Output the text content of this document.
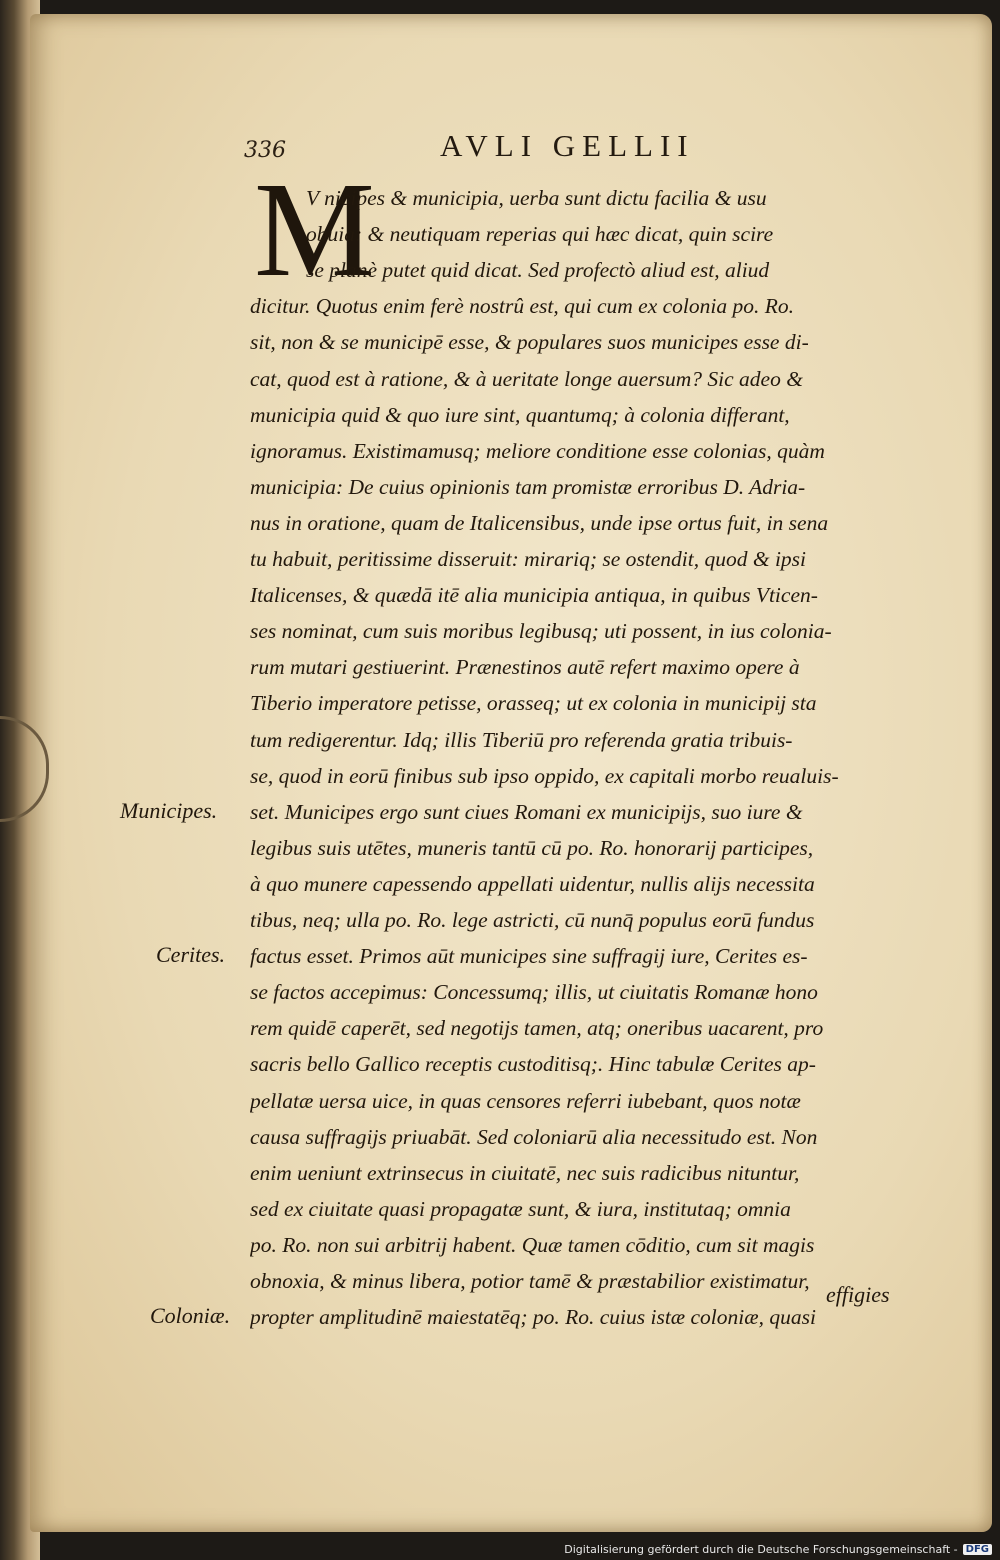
336	AVLI GELLII
M
V nicipes & municipia, uerba sunt dictu facilia & usu
obuia: & neutiquam reperias qui hæc dicat, quin scire
se planè putet quid dicat. Sed profectò aliud est, aliud
dicitur. Quotus enim ferè nostrû est, qui cum ex colonia po. Ro.
sit, non & se municipē esse, & populares suos municipes esse di-
cat, quod est à ratione, & à ueritate longe auersum? Sic adeo &
municipia quid & quo iure sint, quantumq; à colonia differant,
ignoramus. Existimamusq; meliore conditione esse colonias, quàm
municipia: De cuius opinionis tam promistæ erroribus D. Adria-
nus in oratione, quam de Italicensibus, unde ipse ortus fuit, in sena
tu habuit, peritissime disseruit: mirariq; se ostendit, quod & ipsi
Italicenses, & quædā itē alia municipia antiqua, in quibus Vticen-
ses nominat, cum suis moribus legibusq; uti possent, in ius colonia-
rum mutari gestiuerint. Prænestinos autē refert maximo opere à
Tiberio imperatore petisse, orasseq; ut ex colonia in municipij sta
tum redigerentur. Idq; illis Tiberiū pro referenda gratia tribuis-
se, quod in eorū finibus sub ipso oppido, ex capitali morbo reualuis-
set. Municipes ergo sunt ciues Romani ex municipijs, suo iure &
legibus suis utētes, muneris tantū cū po. Ro. honorarij participes,
à quo munere capessendo appellati uidentur, nullis alijs necessita
tibus, neq; ulla po. Ro. lege astricti, cū nunq̄ populus eorū fundus
factus esset. Primos aūt municipes sine suffragij iure, Cerites es-
se factos accepimus: Concessumq; illis, ut ciuitatis Romanæ hono
rem quidē caperēt, sed negotijs tamen, atq; oneribus uacarent, pro
sacris bello Gallico receptis custoditisq;. Hinc tabulæ Cerites ap-
pellatæ uersa uice, in quas censores referri iubebant, quos notæ
causa suffragijs priuabāt. Sed coloniarū alia necessitudo est. Non
enim ueniunt extrinsecus in ciuitatē, nec suis radicibus nituntur,
sed ex ciuitate quasi propagatæ sunt, & iura, institutaq; omnia
po. Ro. non sui arbitrij habent. Quæ tamen cōditio, cum sit magis
obnoxia, & minus libera, potior tamē & præstabilior existimatur,
propter amplitudinē maiestatēq; po. Ro. cuius istæ coloniæ, quasi
Municipes.
Cerites.
Coloniæ.
effigies
Digitalisierung gefördert durch die Deutsche Forschungsgemeinschaft - DFG
